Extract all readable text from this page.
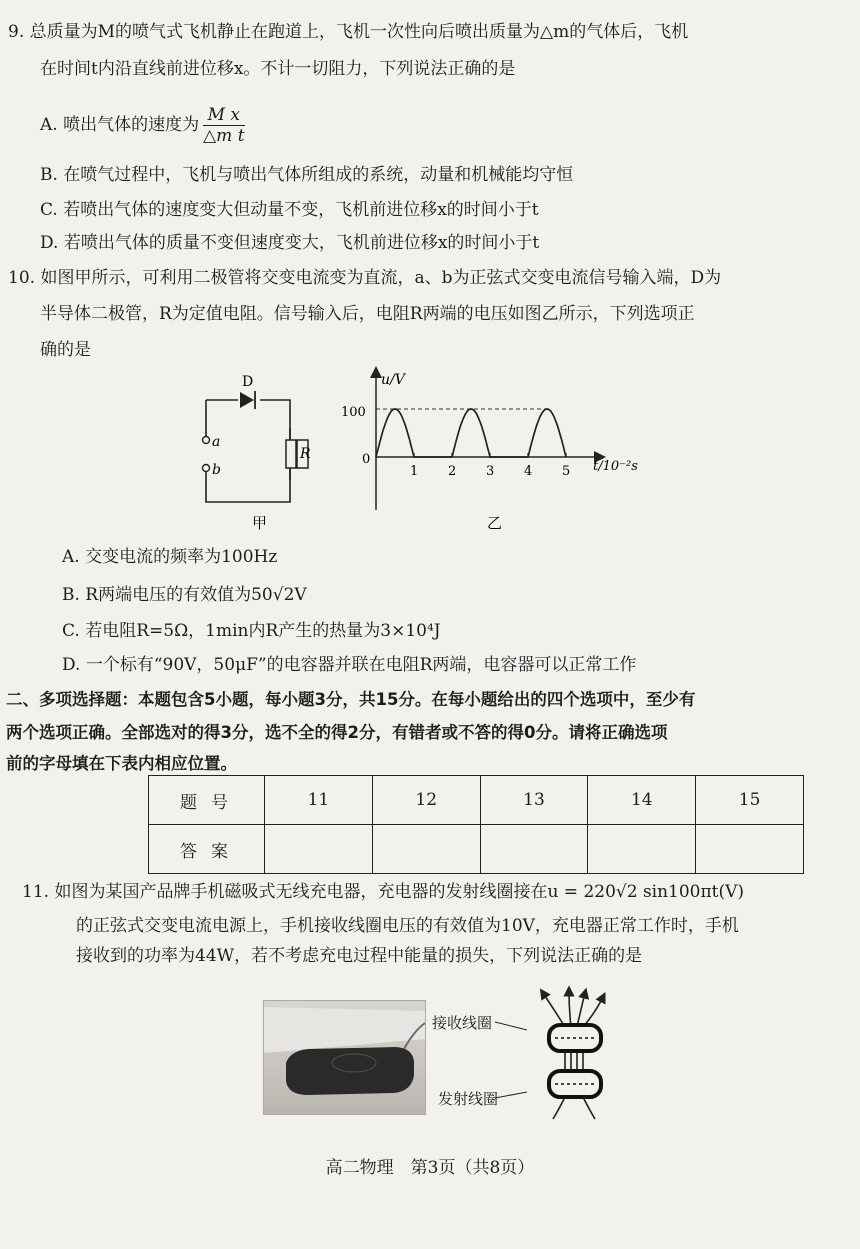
9. 总质量为M的喷气式飞机静止在跑道上，飞机一次性向后喷出质量为△m的气体后，飞机
在时间t内沿直线前进位移x。不计一切阻力，下列说法正确的是
A. 喷出气体的速度为 $\frac{\text{M x}}{\text{△m t}}$
B. 在喷气过程中，飞机与喷出气体所组成的系统，动量和机械能均守恒
C. 若喷出气体的速度变大但动量不变，飞机前进位移x的时间小于t
D. 若喷出气体的质量不变但速度变大，飞机前进位移x的时间小于t
10. 如图甲所示，可利用二极管将交变电流变为直流，a、b为正弦式交变电流信号输入端，D为
半导体二极管，R为定值电阻。信号输入后，电阻R两端的电压如图乙所示，下列选项正
确的是
D
R
a
b
甲
u/V
t/10⁻²s
100
0
1 2 3 4 5
乙
A. 交变电流的频率为100Hz
B. R两端电压的有效值为50√2V
C. 若电阻R=5Ω，1min内R产生的热量为3×10⁴J
D. 一个标有“90V，50μF”的电容器并联在电阻R两端，电容器可以正常工作
二、多项选择题：本题包含5小题，每小题3分，共15分。在每小题给出的四个选项中，至少有
两个选项正确。全部选对的得3分，选不全的得2分，有错者或不答的得0分。请将正确选项
前的字母填在下表内相应位置。
题号	11	12	13	14	15
答案					
11. 如图为某国产品牌手机磁吸式无线充电器，充电器的发射线圈接在u = 220√2 sin100πt(V)
的正弦式交变电流电源上，手机接收线圈电压的有效值为10V，充电器正常工作时，手机
接收到的功率为44W，若不考虑充电过程中能量的损失，下列说法正确的是
接收线圈
发射线圈
高二物理　第3页（共8页）
